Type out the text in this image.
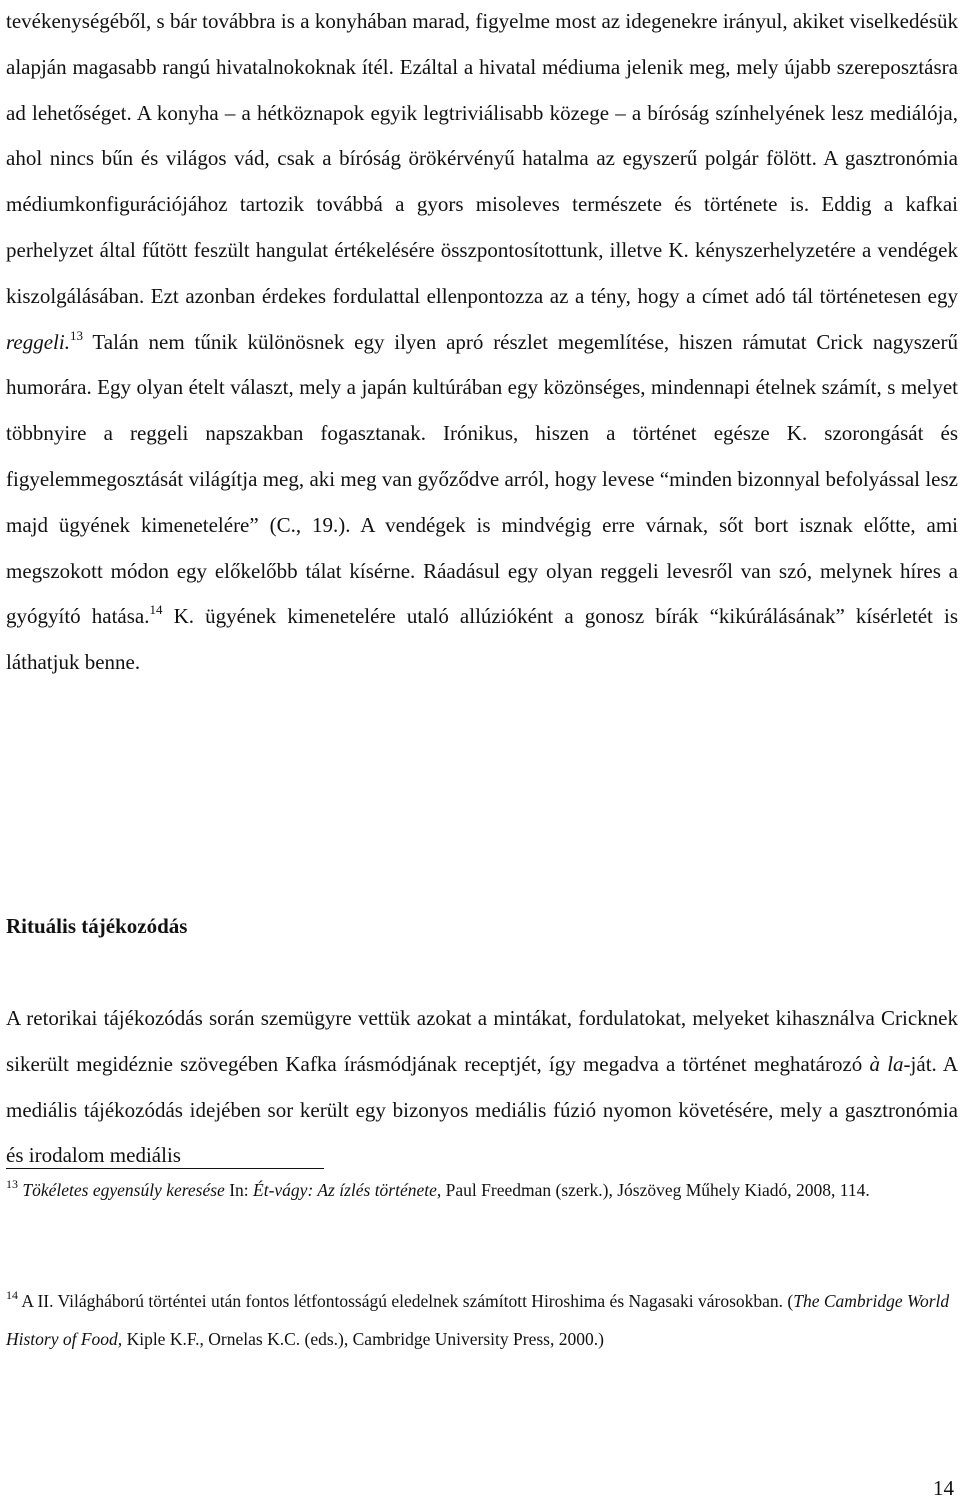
tevékenységéből, s bár továbbra is a konyhában marad, figyelme most az idegenekre irányul, akiket viselkedésük alapján magasabb rangú hivatalnokoknak ítél. Ezáltal a hivatal médiuma jelenik meg, mely újabb szereposztásra ad lehetőséget. A konyha – a hétköznapok egyik legtriviálisabb közege – a bíróság színhelyének lesz mediálója, ahol nincs bűn és világos vád, csak a bíróság örökérvényű hatalma az egyszerű polgár fölött. A gasztronómia médiumkonfigurációjához tartozik továbbá a gyors misoleves természete és története is. Eddig a kafkai perhelyzet által fűtött feszült hangulat értékelésére összpontosítottunk, illetve K. kényszerhelyzetére a vendégek kiszolgálásában. Ezt azonban érdekes fordulattal ellenpontozza az a tény, hogy a címet adó tál történetesen egy reggeli.$^{13}$ Talán nem tűnik különösnek egy ilyen apró részlet megemlítése, hiszen rámutat Crick nagyszerű humorára. Egy olyan ételt választ, mely a japán kultúrában egy közönséges, mindennapi ételnek számít, s melyet többnyire a reggeli napszakban fogasztanak. Irónikus, hiszen a történet egésze K. szorongását és figyelemmegosztását világítja meg, aki meg van győződve arról, hogy levese “minden bizonnyal befolyással lesz majd ügyének kimenetelére” (C., 19.). A vendégek is mindvégig erre várnak, sőt bort isznak előtte, ami megszokott módon egy előkelőbb tálat kísérne. Ráadásul egy olyan reggeli levesről van szó, melynek híres a gyógyító hatása.$^{14}$ K. ügyének kimenetelére utaló allúzióként a gonosz bírák “kikúrálásának” kísérletét is láthatjuk benne.

Rituális tájékozódás

A retorikai tájékozódás során szemügyre vettük azokat a mintákat, fordulatokat, melyeket kihasználva Cricknek sikerült megidéznie szövegében Kafka írásmódjának receptjét, így megadva a történet meghatározó à la-ját. A mediális tájékozódás idejében sor került egy bizonyos mediális fúzió nyomon követésére, mely a gasztronómia és irodalom mediális

$^{13}$ Tökéletes egyensúly keresése In: Ét-vágy: Az ízlés története, Paul Freedman (szerk.), Jószöveg Műhely Kiadó, 2008, 114.

$^{14}$ A II. Világháború történtei után fontos létfontosságú eledelnek számított Hiroshima és Nagasaki városokban. (The Cambridge World History of Food, Kiple K.F., Ornelas K.C. (eds.), Cambridge University Press, 2000.)

14
